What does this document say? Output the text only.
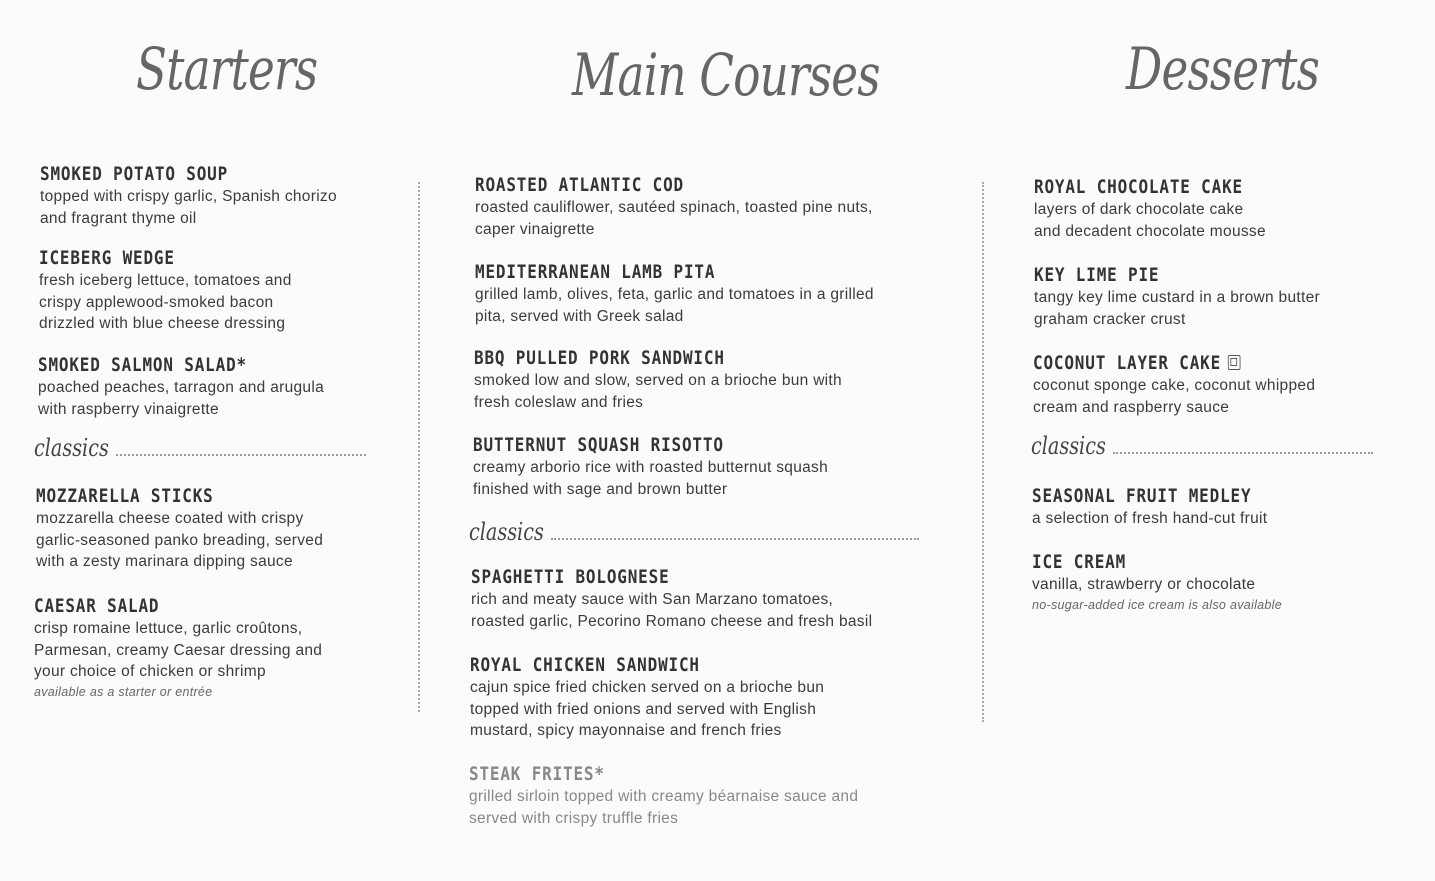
Starters
SMOKED POTATO SOUP
topped with crispy garlic, Spanish chorizo
and fragrant thyme oil
ICEBERG WEDGE
fresh iceberg lettuce, tomatoes and
crispy applewood-smoked bacon
drizzled with blue cheese dressing
SMOKED SALMON SALAD*
poached peaches, tarragon and arugula
with raspberry vinaigrette
classics
MOZZARELLA STICKS
mozzarella cheese coated with crispy
garlic-seasoned panko breading, served
with a zesty marinara dipping sauce
CAESAR SALAD
crisp romaine lettuce, garlic croûtons,
Parmesan, creamy Caesar dressing and
your choice of chicken or shrimp
available as a starter or entrée
Main Courses
ROASTED ATLANTIC COD
roasted cauliflower, sautéed spinach, toasted pine nuts,
caper vinaigrette
MEDITERRANEAN LAMB PITA
grilled lamb, olives, feta, garlic and tomatoes in a grilled
pita, served with Greek salad
BBQ PULLED PORK SANDWICH
smoked low and slow, served on a brioche bun with
fresh coleslaw and fries
BUTTERNUT SQUASH RISOTTO
creamy arborio rice with roasted butternut squash
finished with sage and brown butter
classics
SPAGHETTI BOLOGNESE
rich and meaty sauce with San Marzano tomatoes,
roasted garlic, Pecorino Romano cheese and fresh basil
ROYAL CHICKEN SANDWICH
cajun spice fried chicken served on a brioche bun
topped with fried onions and served with English
mustard, spicy mayonnaise and french fries
STEAK FRITES*
grilled sirloin topped with creamy béarnaise sauce and
served with crispy truffle fries
Desserts
ROYAL CHOCOLATE CAKE
layers of dark chocolate cake
and decadent chocolate mousse
KEY LIME PIE
tangy key lime custard in a brown butter
graham cracker crust
COCONUT LAYER CAKE
coconut sponge cake, coconut whipped
cream and raspberry sauce
classics
SEASONAL FRUIT MEDLEY
a selection of fresh hand-cut fruit
ICE CREAM
vanilla, strawberry or chocolate
no-sugar-added ice cream is also available
